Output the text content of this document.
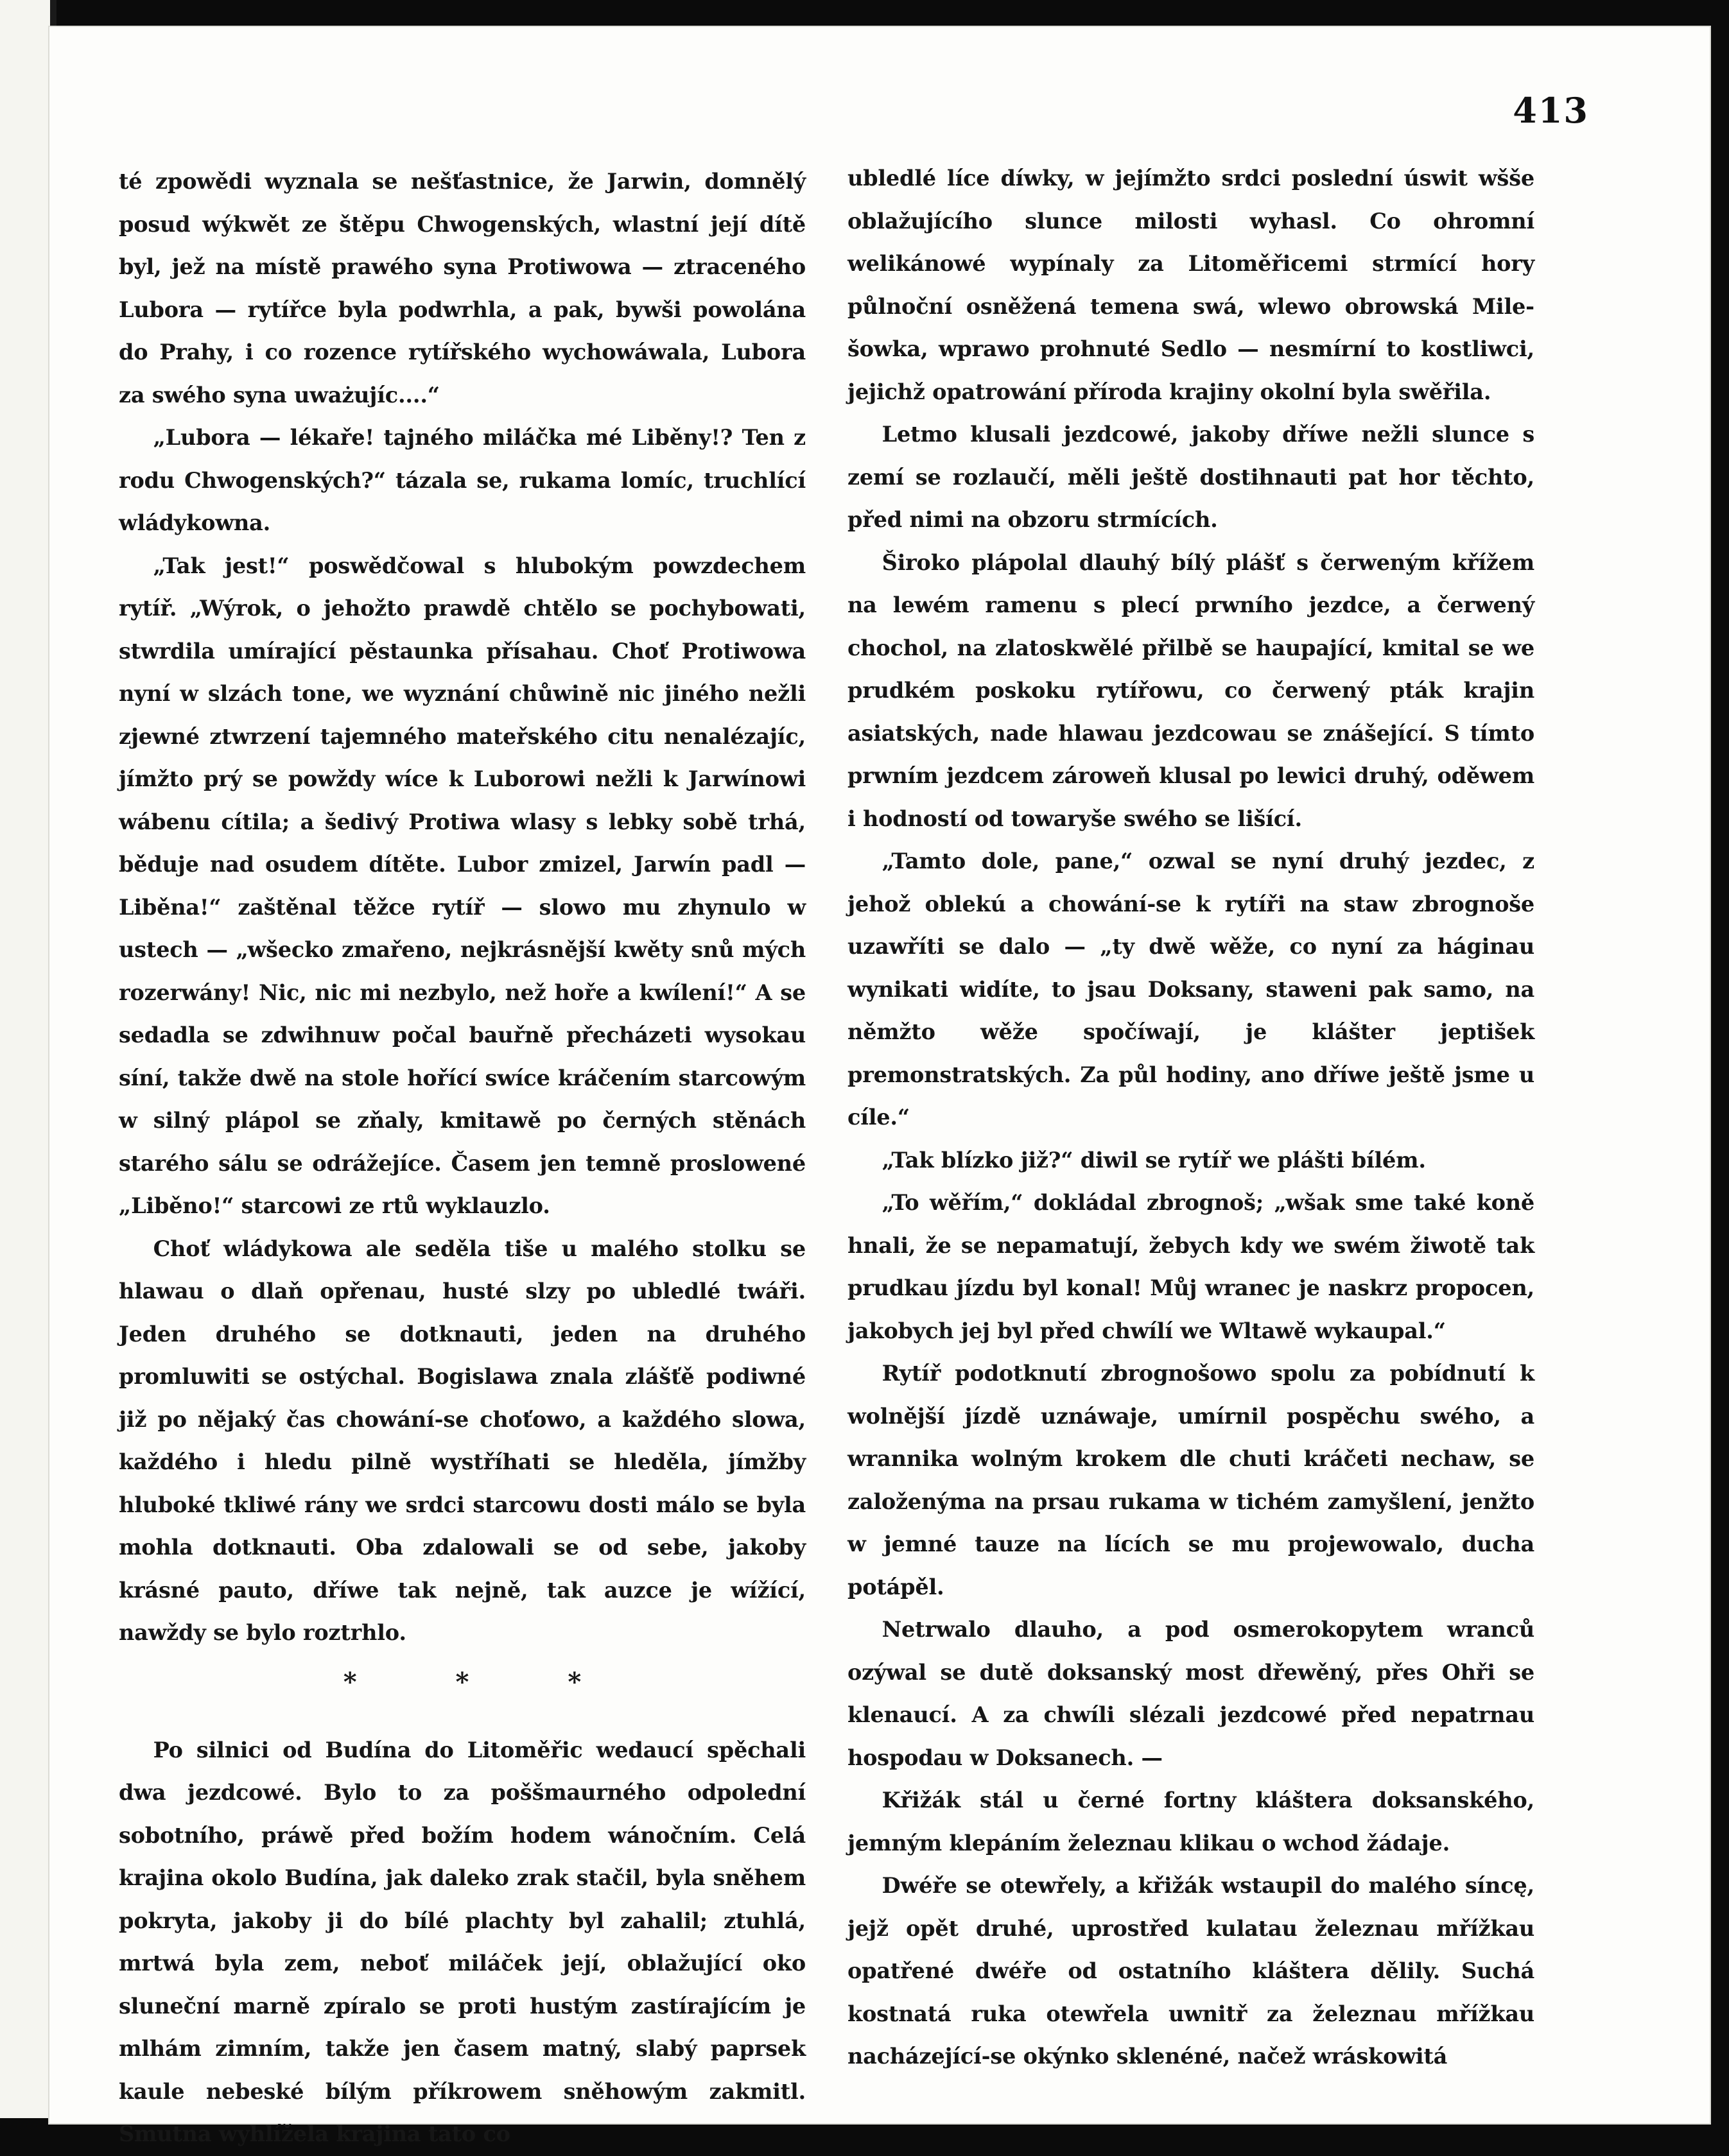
413

té zpowědi wyznala se nešťastnice, že Jarwin, domnělý posud wýkwět ze štěpu Chwogenských, wlastní její dítě byl, jež na místě prawého syna Protiwowa — ztraceného Lubora — rytířce byla podwrhla, a pak, bywši powolána do Prahy, i co rozence rytířského wychowáwala, Lubora za swého syna uważujíc....“

„Lubora — lékaře! tajného miláčka mé Liběny!? Ten z rodu Chwogenských?“ tázala se, rukama lomíc, truchlící wládykowna.

„Tak jest!“ poswědčowal s hlubokým powzdechem rytíř. „Wýrok, o jehožto prawdě chtělo se pochybowati, stwrdila umírající pěstaunka přísahau. Choť Protiwowa nyní w slzách tone, we wyznání chůwině nic jiného nežli zjewné ztwrzení tajemného mateřského citu nenalézajíc, jímžto prý se powždy wíce k Luborowi nežli k Jarwínowi wábenu cítila; a šedivý Protiwa wlasy s lebky sobě trhá, běduje nad osudem dítěte. Lubor zmizel, Jarwín padl — Liběna!“ zaštěnal těžce rytíř — slowo mu zhynulo w ustech — „wšecko zmařeno, nejkrásnější kwěty snů mých rozerwány! Nic, nic mi nezbylo, než hoře a kwílení!“ A se sedadla se zdwihnuw počal bauřně přecházeti wysokau síní, takže dwě na stole hořící swíce kráčením starcowým w silný plápol se zňaly, kmitawě po černých stěnách starého sálu se odrážejíce. Časem jen temně proslowené „Liběno!“ starcowi ze rtů wyklauzlo.

Choť wládykowa ale seděla tiše u malého stolku se hlawau o dlaň opřenau, husté slzy po ubledlé twáři. Jeden druhého se dotknauti, jeden na druhého promluwiti se ostýchal. Bogislawa znala zlášťě podiwné již po nějaký čas chowání-se choťowo, a každého slowa, každého i hledu pilně wystříhati se hleděla, jímžby hluboké tkliwé rány we srdci starcowu dosti málo se byla mohla dotknauti. Oba zdalowali se od sebe, jakoby krásné pauto, dříwe tak nejně, tak auzce je wížící, nawždy se bylo roztrhlo.

* * *

Po silnici od Budína do Litoměřic wedaucí spěchali dwa jezdcowé. Bylo to za poššmaurného odpolední sobotního, práwě před božím hodem wánočním. Celá krajina okolo Budína, jak daleko zrak stačil, byla sněhem pokryta, jakoby ji do bílé plachty byl zahalil; ztuhlá, mrtwá byla zem, neboť miláček její, oblažující oko sluneční marně zpíralo se proti hustým zastírajícím je mlhám zimním, takže jen časem matný, slabý paprsek kaule nebeské bílým příkrowem sněhowým zakmitl. Smutna wyhlížela krajina tato co

ubledlé líce díwky, w jejímžto srdci poslední úswit wšše oblažujícího slunce milosti wyhasl. Co ohromní welikánowé wypínaly za Litoměřicemi strmící hory půlnoční osněžená temena swá, wlewo obrowská Milešowka, wprawo prohnuté Sedlo — nesmírní to kostliwci, jejichž opatrowání příroda krajiny okolní byla swěřila.

Letmo klusali jezdcowé, jakoby dříwe nežli slunce s zemí se rozlaučí, měli ještě dostihnauti pat hor těchto, před nimi na obzoru strmících.

Široko plápolal dlauhý bílý plášť s čerweným křížem na lewém ramenu s plecí prwního jezdce, a čerwený chochol, na zlatoskwělé přilbě se haupající, kmital se we prudkém poskoku rytířowu, co čerwený pták krajin asiatských, nade hlawau jezdcowau se znášející. S tímto prwním jezdcem zároweň klusal po lewici druhý, oděwem i hodností od towaryše swého se lišící.

„Tamto dole, pane,“ ozwal se nyní druhý jezdec, z jehož oblekú a chowání-se k rytíři na staw zbrognoše uzawříti se dalo — „ty dwě wěže, co nyní za háginau wynikati widíte, to jsau Doksany, staweni pak samo, na němžto wěže spočíwají, je klášter jeptišek premonstratských. Za půl hodiny, ano dříwe ještě jsme u cíle.“

„Tak blízko již?“ diwil se rytíř we plášti bílém.

„To wěřím,“ dokládal zbrognoš; „wšak sme také koně hnali, že se nepamatují, žebych kdy we swém žiwotě tak prudkau jízdu byl konal! Můj wranec je naskrz propocen, jakobych jej byl před chwílí we Wltawě wykaupal.“

Rytíř podotknutí zbrognošowo spolu za pobídnutí k wolnější jízdě uznáwaje, umírnil pospěchu swého, a wrannika wolným krokem dle chuti kráčeti nechaw, se založenýma na prsau rukama w tichém zamyšlení, jenžto w jemné tauze na lících se mu projewowalo, ducha potápěl.

Netrwalo dlauho, a pod osmerokopytem wranců ozýwal se dutě doksanský most dřewěný, přes Ohři se klenaucí. A za chwíli slézali jezdcowé před nepatrnau hospodau w Doksanech. —

Křižák stál u černé fortny kláštera doksanského, jemným klepáním železnau klikau o wchod žádaje.

Dwéře se otewřely, a křižák wstaupil do malého síncę, jejž opět druhé, uprostřed kulatau železnau mřížkau opatřené dwéře od ostatního kláštera dělily. Suchá kostnatá ruka otewřela uwnitř za železnau mřížkau nacházející-se okýnko sklenéné, načež wráskowitá
